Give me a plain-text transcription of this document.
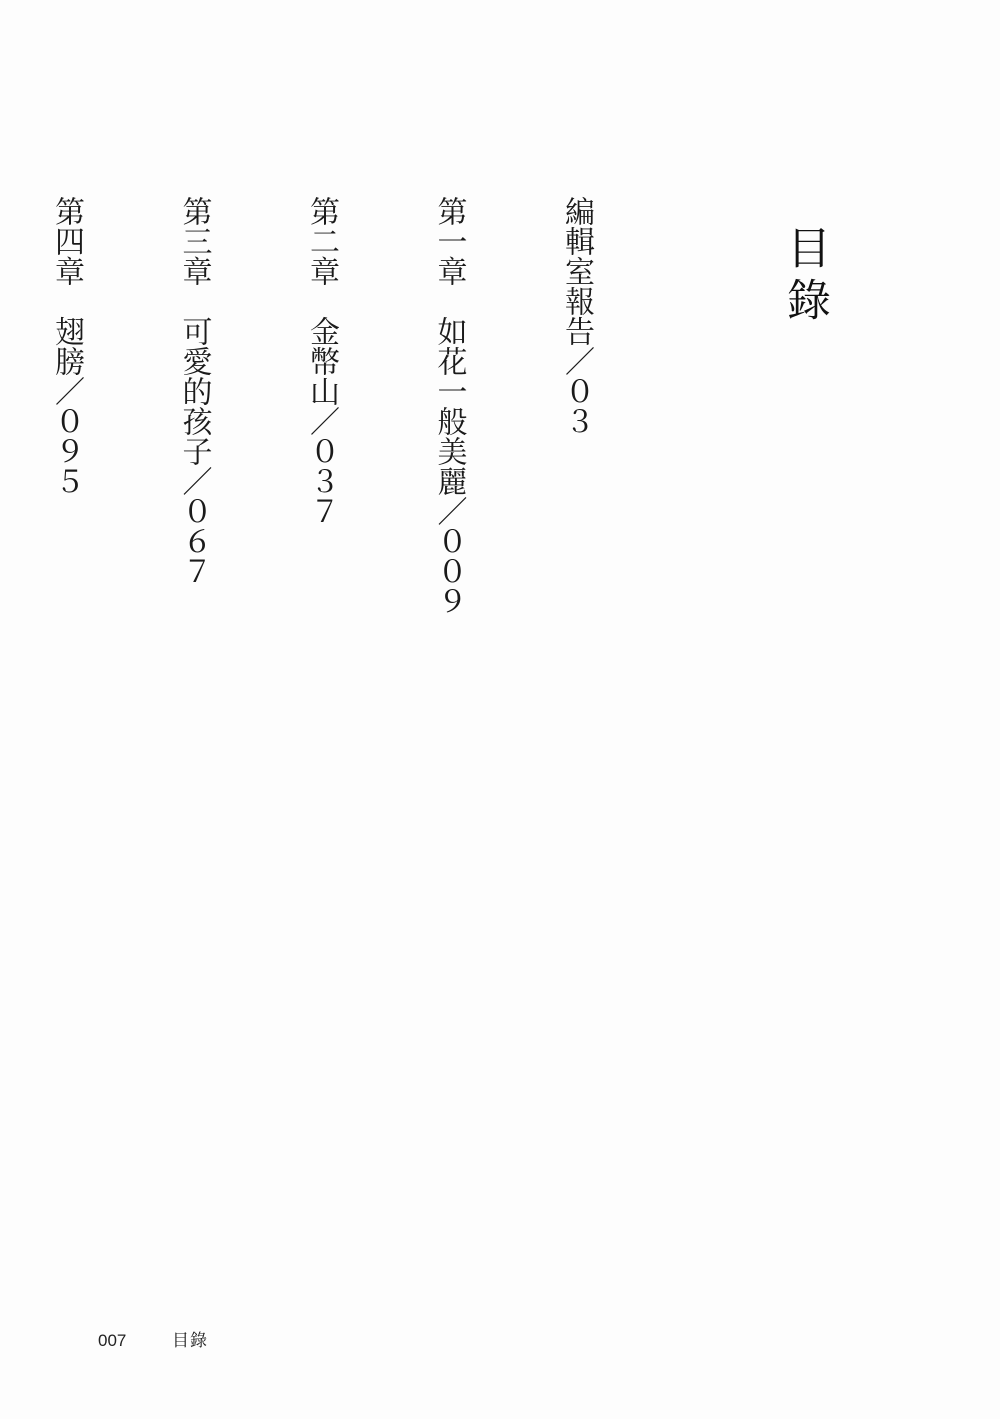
目錄

編輯室報告／０３

第一章　如花一般美麗／００９

第二章　金幣山／０３７

第三章　可愛的孩子／０６７

第四章　翅膀／０９５

007	目錄
